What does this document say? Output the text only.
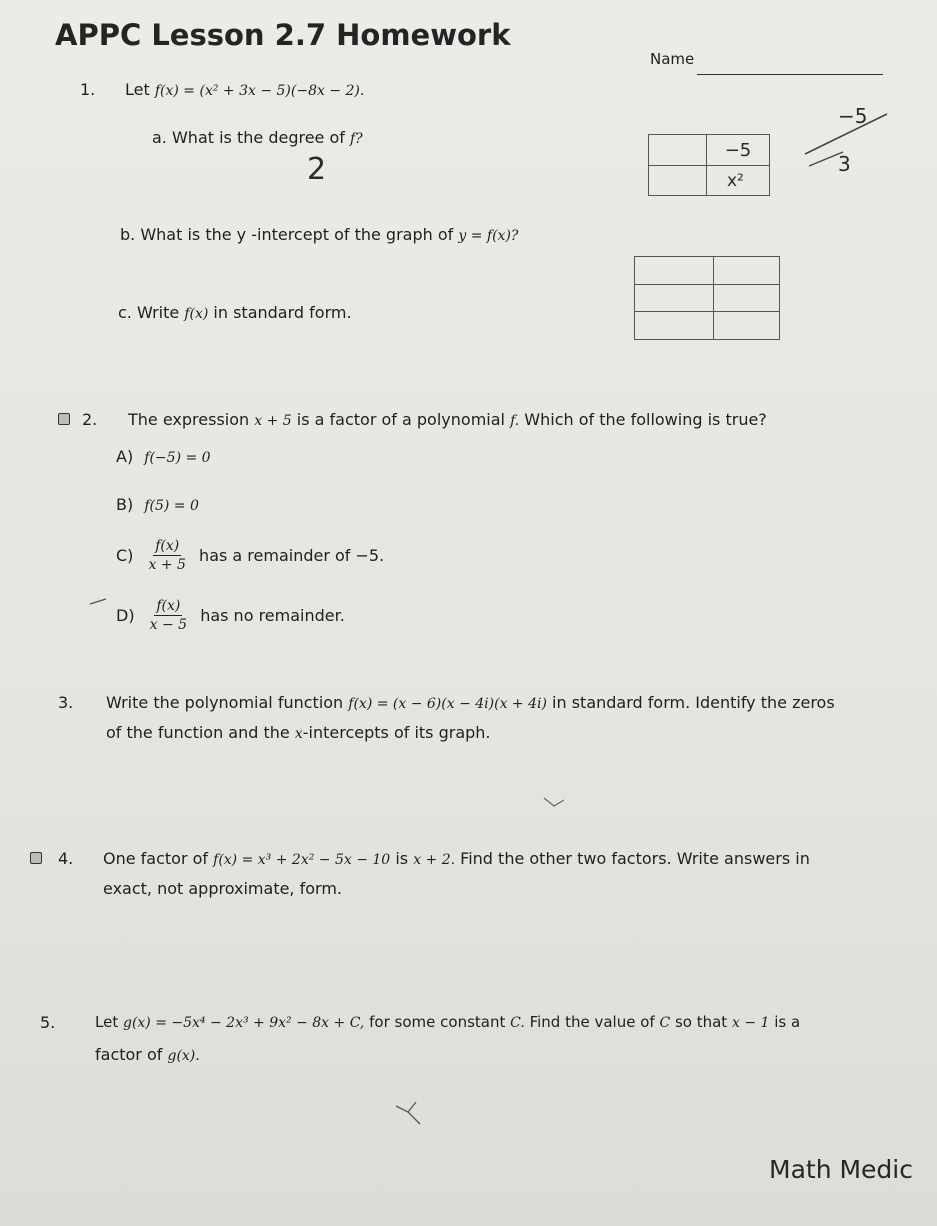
APPC Lesson 2.7 Homework
Name
1. Let f(x) = (x² + 3x − 5)(−8x − 2).
a. What is the degree of f?
2
	−5
	x²
−5
3
b. What is the y -intercept of the graph of y = f(x)?

c. Write f(x) in standard form.
2. The expression x + 5 is a factor of a polynomial f. Which of the following is true?
A) f(−5) = 0
B) f(5) = 0
$C) \frac{f(x)}{x + 5}$ has a remainder of −5.
$D) \frac{f(x)}{x - 5}$ has no remainder.
3. Write the polynomial function f(x) = (x − 6)(x − 4i)(x + 4i) in standard form. Identify the zeros
of the function and the x-intercepts of its graph.
4. One factor of f(x) = x³ + 2x² − 5x − 10 is x + 2. Find the other two factors. Write answers in
exact, not approximate, form.
5.	Let g(x) = −5x⁴ − 2x³ + 9x² − 8x + C, for some constant C. Find the value of C so that x − 1 is a
factor of g(x).
Math Medic
